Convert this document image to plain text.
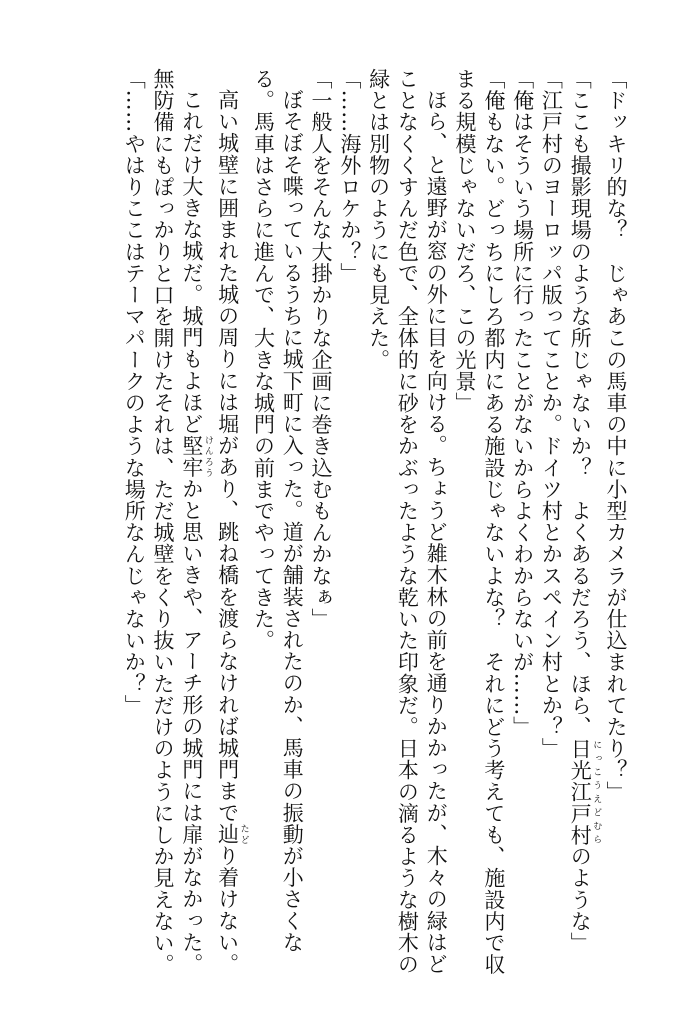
「ドッキリ的な？　じゃあこの馬車の中に小型カメラが仕込まれてたり？」
「ここも撮影現場のような所じゃないか？　よくあるだろう、ほら、日光江戸村 にっこうえどむらのような」
「江戸村のヨーロッパ版ってことか。ドイツ村とかスペイン村とか？」
「俺はそういう場所に行ったことがないからよくわからないが……」
「俺もない。どっちにしろ都内にある施設じゃないよな？　それにどう考えても、施設内で収
まる規模じゃないだろ、この光景」
ほら、と遠野が窓の外に目を向ける。ちょうど雑木林の前を通りかかったが、木々の緑はど
ことなくくすんだ色で、全体的に砂をかぶったような乾いた印象だ。日本の滴るような樹木の
緑とは別物のようにも見えた。
「……海外ロケか？」
「一般人をそんな大掛かりな企画に巻き込むもんかなぁ」
ぼそぼそ喋っているうちに城下町に入った。道が舗装されたのか、馬車の振動が小さくな
る。馬車はさらに進んで、大きな城門の前までやってきた。
高い城壁に囲まれた城の周りには堀があり、跳ね橋を渡らなければ城門まで辿 たどり着けない。
これだけ大きな城だ。城門もよほど堅牢 けんろうかと思いきや、アーチ形の城門には扉がなかった。
無防備にもぽっかりと口を開けたそれは、ただ城壁をくり抜いただけのようにしか見えない。
「……やはりここはテーマパークのような場所なんじゃないか？」
